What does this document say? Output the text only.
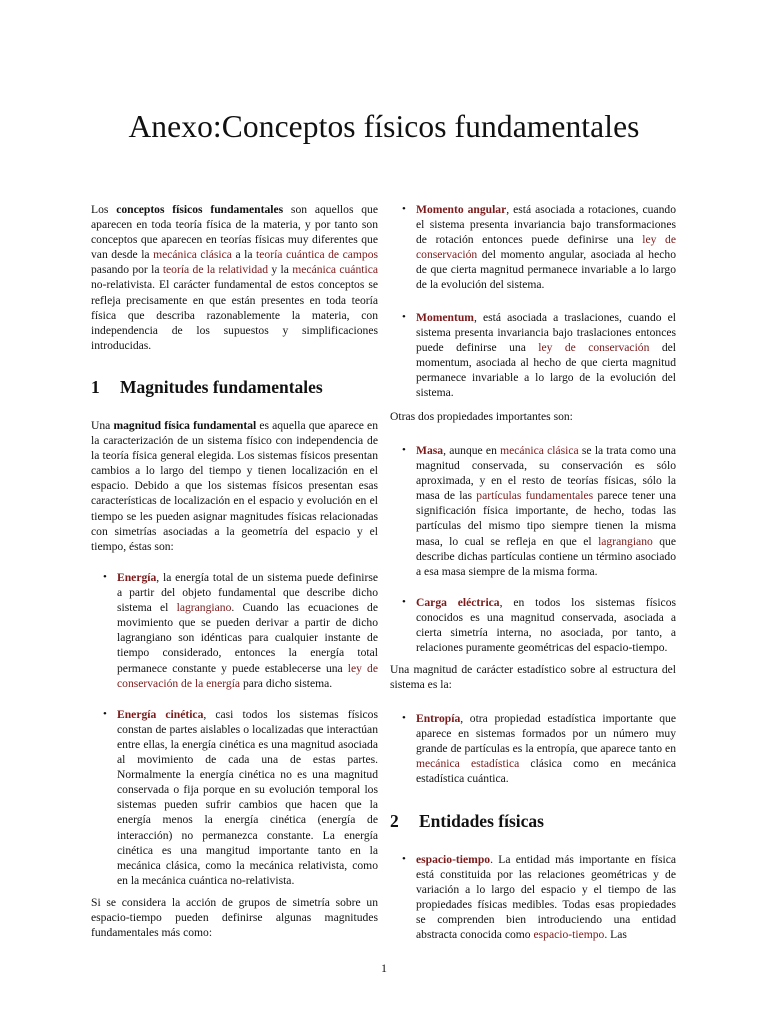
Anexo:Conceptos físicos fundamentales

Los conceptos físicos fundamentales son aquellos que aparecen en toda teoría física de la materia, y por tanto son conceptos que aparecen en teorías físicas muy diferentes que van desde la mecánica clásica a la teoría cuántica de campos pasando por la teoría de la relatividad y la mecánica cuántica no-relativista. El carácter fundamental de estos conceptos se refleja precisamente en que están presentes en toda teoría física que describa razonablemente la materia, con independencia de los supuestos y simplificaciones introducidas.

1 Magnitudes fundamentales

Una magnitud física fundamental es aquella que aparece en la caracterización de un sistema físico con independencia de la teoría física general elegida. Los sistemas físicos presentan cambios a lo largo del tiempo y tienen localización en el espacio. Debido a que los sistemas físicos presentan esas características de localización en el espacio y evolución en el tiempo se les pueden asignar magnitudes físicas relacionadas con simetrías asociadas a la geometría del espacio y el tiempo, éstas son:

• Energía, la energía total de un sistema puede definirse a partir del objeto fundamental que describe dicho sistema el lagrangiano. Cuando las ecuaciones de movimiento que se pueden derivar a partir de dicho lagrangiano son idénticas para cualquier instante de tiempo considerado, entonces la energía total permanece constante y puede establecerse una ley de conservación de la energía para dicho sistema.
• Energía cinética, casi todos los sistemas físicos constan de partes aislables o localizadas que interactúan entre ellas, la energía cinética es una magnitud asociada al movimiento de cada una de estas partes. Normalmente la energía cinética no es una magnitud conservada o fija porque en su evolución temporal los sistemas pueden sufrir cambios que hacen que la energía menos la energía cinética (energía de interacción) no permanezca constante. La energía cinética es una mangitud importante tanto en la mecánica clásica, como la mecánica relativista, como en la mecánica cuántica no-relativista.

Si se considera la acción de grupos de simetría sobre un espacio-tiempo pueden definirse algunas magnitudes fundamentales más como:

• Momento angular, está asociada a rotaciones, cuando el sistema presenta invariancia bajo transformaciones de rotación entonces puede definirse una ley de conservación del momento angular, asociada al hecho de que cierta magnitud permanece invariable a lo largo de la evolución del sistema.
• Momentum, está asociada a traslaciones, cuando el sistema presenta invariancia bajo traslaciones entonces puede definirse una ley de conservación del momentum, asociada al hecho de que cierta magnitud permanece invariable a lo largo de la evolución del sistema.

Otras dos propiedades importantes son:

• Masa, aunque en mecánica clásica se la trata como una magnitud conservada, su conservación es sólo aproximada, y en el resto de teorías físicas, sólo la masa de las partículas fundamentales parece tener una significación física importante, de hecho, todas las partículas del mismo tipo siempre tienen la misma masa, lo cual se refleja en que el lagrangiano que describe dichas partículas contiene un término asociado a esa masa siempre de la misma forma.
• Carga eléctrica, en todos los sistemas físicos conocidos es una magnitud conservada, asociada a cierta simetría interna, no asociada, por tanto, a relaciones puramente geométricas del espacio-tiempo.

Una magnitud de carácter estadístico sobre al estructura del sistema es la:

• Entropía, otra propiedad estadística importante que aparece en sistemas formados por un número muy grande de partículas es la entropía, que aparece tanto en mecánica estadística clásica como en mecánica estadística cuántica.
2 Entidades físicas
• espacio-tiempo. La entidad más importante en física está constituida por las relaciones geométricas y de variación a lo largo del espacio y el tiempo de las propiedades físicas medibles. Todas esas propiedades se comprenden bien introduciendo una entidad abstracta conocida como espacio-tiempo. Las
1
